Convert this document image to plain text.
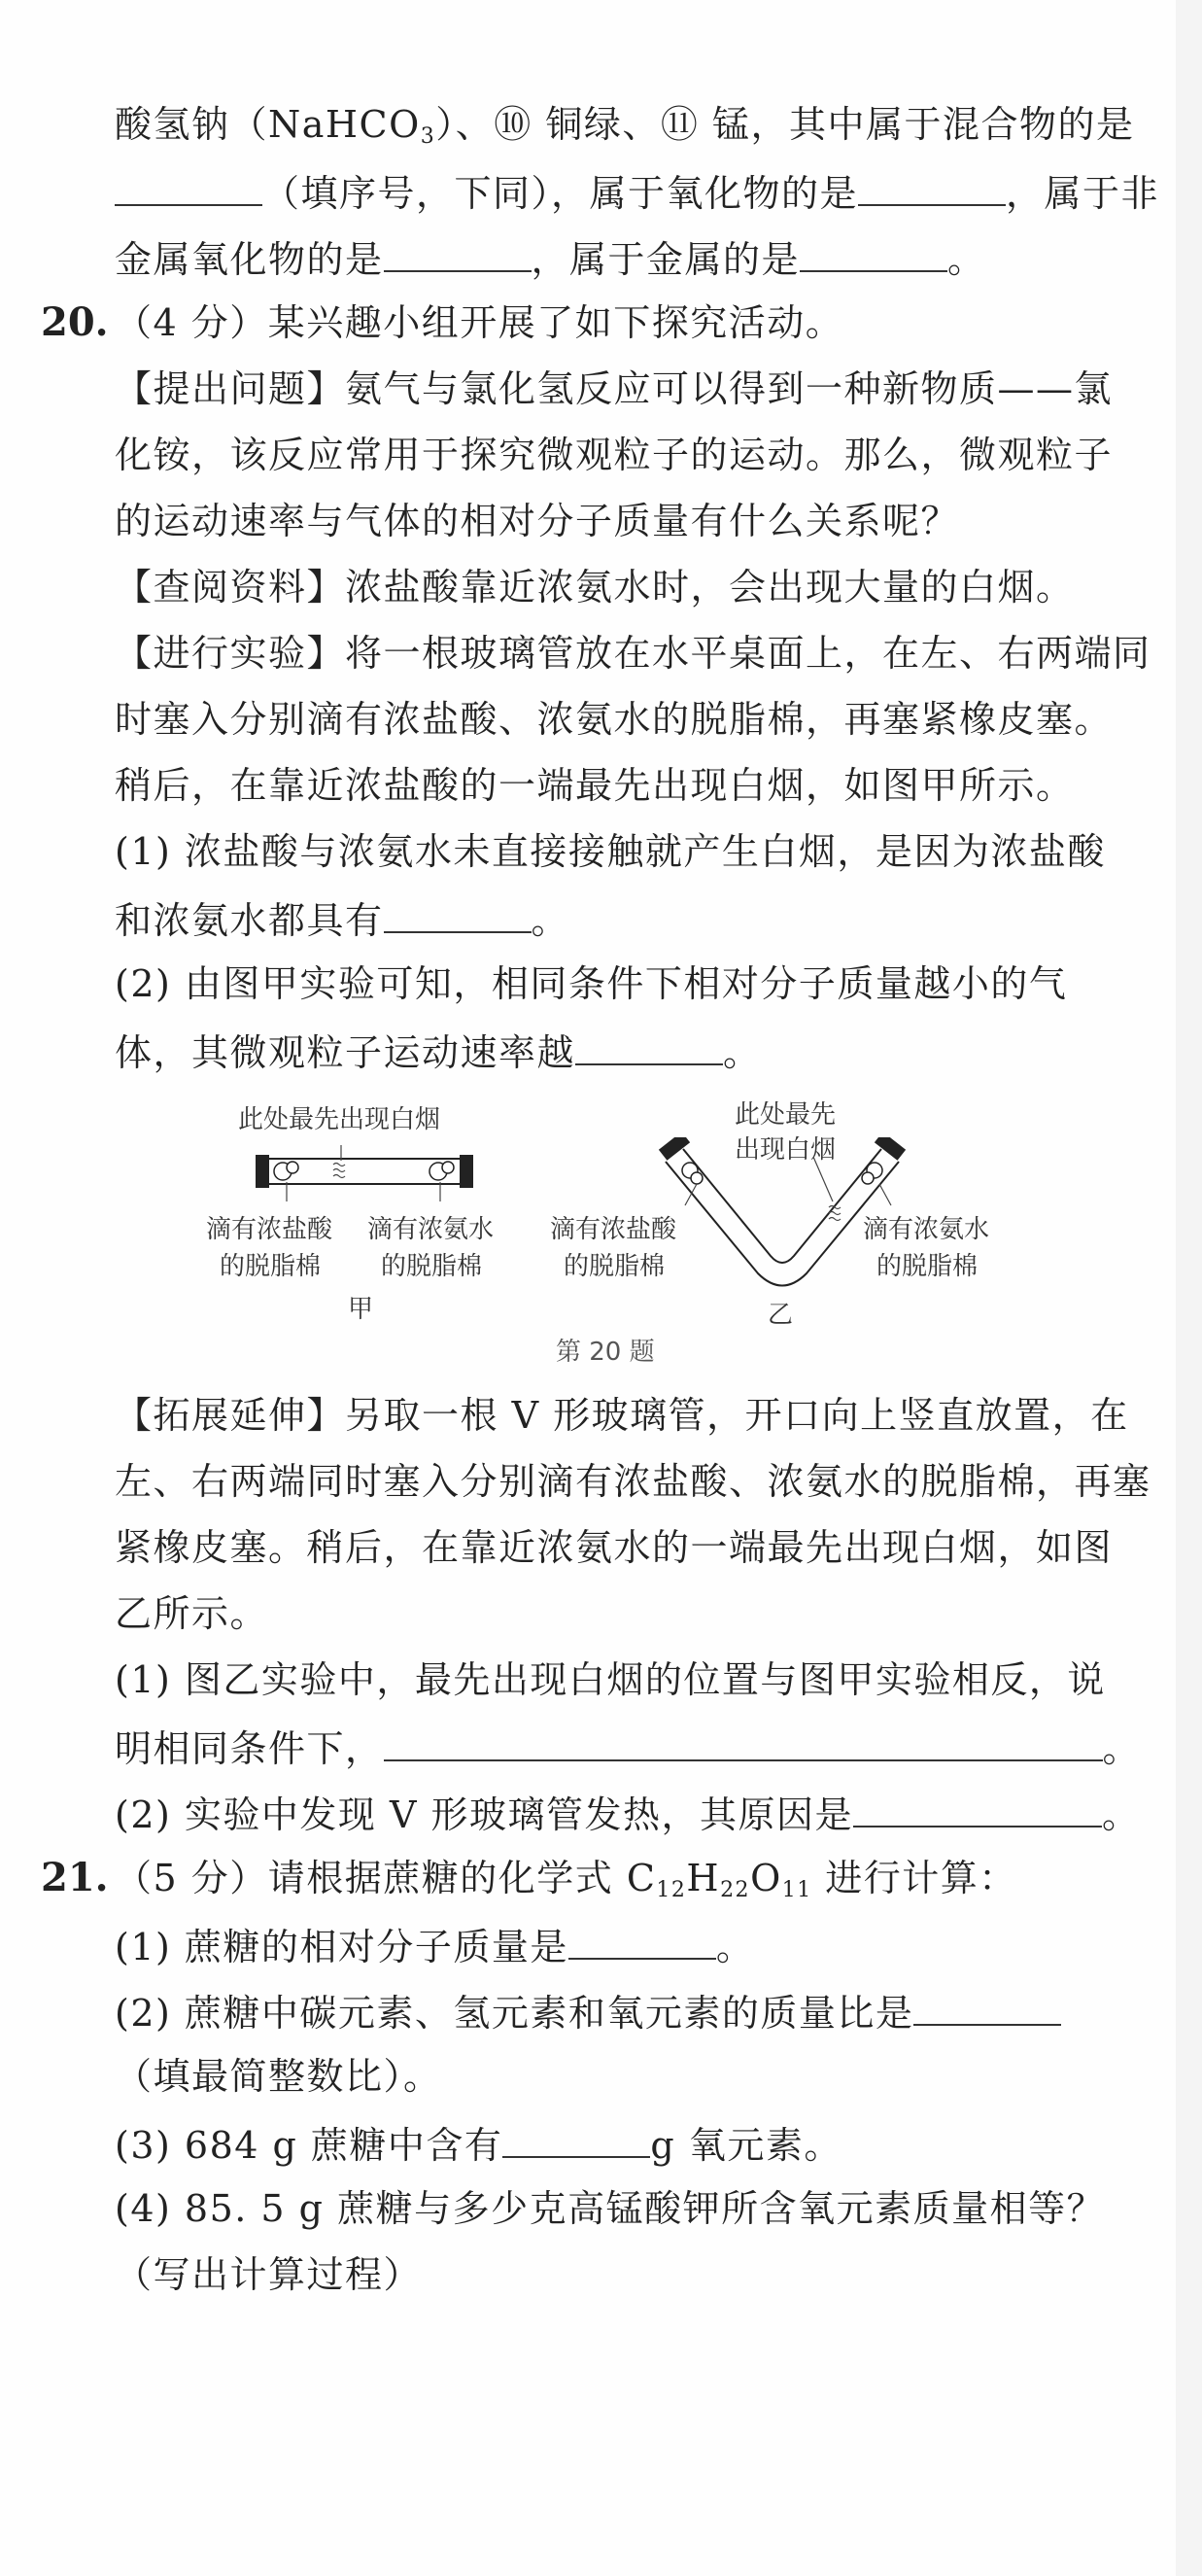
酸氢钠（NaHCO$_3$）、⑩ 铜绿、⑪ 锰，其中属于混合物的是
（填序号，下同），属于氧化物的是	，属于非
金属氧化物的是	，属于金属的是	。
20. （4 分）某兴趣小组开展了如下探究活动。
【提出问题】氨气与氯化氢反应可以得到一种新物质——氯
化铵，该反应常用于探究微观粒子的运动。那么，微观粒子
的运动速率与气体的相对分子质量有什么关系呢？
【查阅资料】浓盐酸靠近浓氨水时，会出现大量的白烟。
【进行实验】将一根玻璃管放在水平桌面上，在左、右两端同
时塞入分别滴有浓盐酸、浓氨水的脱脂棉，再塞紧橡皮塞。
稍后，在靠近浓盐酸的一端最先出现白烟，如图甲所示。
(1) 浓盐酸与浓氨水未直接接触就产生白烟，是因为浓盐酸
和浓氨水都具有	。
(2) 由图甲实验可知，相同条件下相对分子质量越小的气
体，其微观粒子运动速率越	。
此处最先出现白烟
滴有浓盐酸
的脱脂棉
滴有浓氨水
的脱脂棉
甲
此处最先
出现白烟
滴有浓盐酸
的脱脂棉
滴有浓氨水
的脱脂棉
乙
第 20 题
【拓展延伸】另取一根 V 形玻璃管，开口向上竖直放置，在
左、右两端同时塞入分别滴有浓盐酸、浓氨水的脱脂棉，再塞
紧橡皮塞。稍后，在靠近浓氨水的一端最先出现白烟，如图
乙所示。
(1) 图乙实验中，最先出现白烟的位置与图甲实验相反，说
明相同条件下，	。
(2) 实验中发现 V 形玻璃管发热，其原因是	。
21. （5 分）请根据蔗糖的化学式 $C_{12}H_{22}O_{11}$ 进行计算：
(1) 蔗糖的相对分子质量是	。
(2) 蔗糖中碳元素、氢元素和氧元素的质量比是
（填最简整数比）。
(3) 684 g 蔗糖中含有	g 氧元素。
(4) 85. 5 g 蔗糖与多少克高锰酸钾所含氧元素质量相等？
（写出计算过程）
